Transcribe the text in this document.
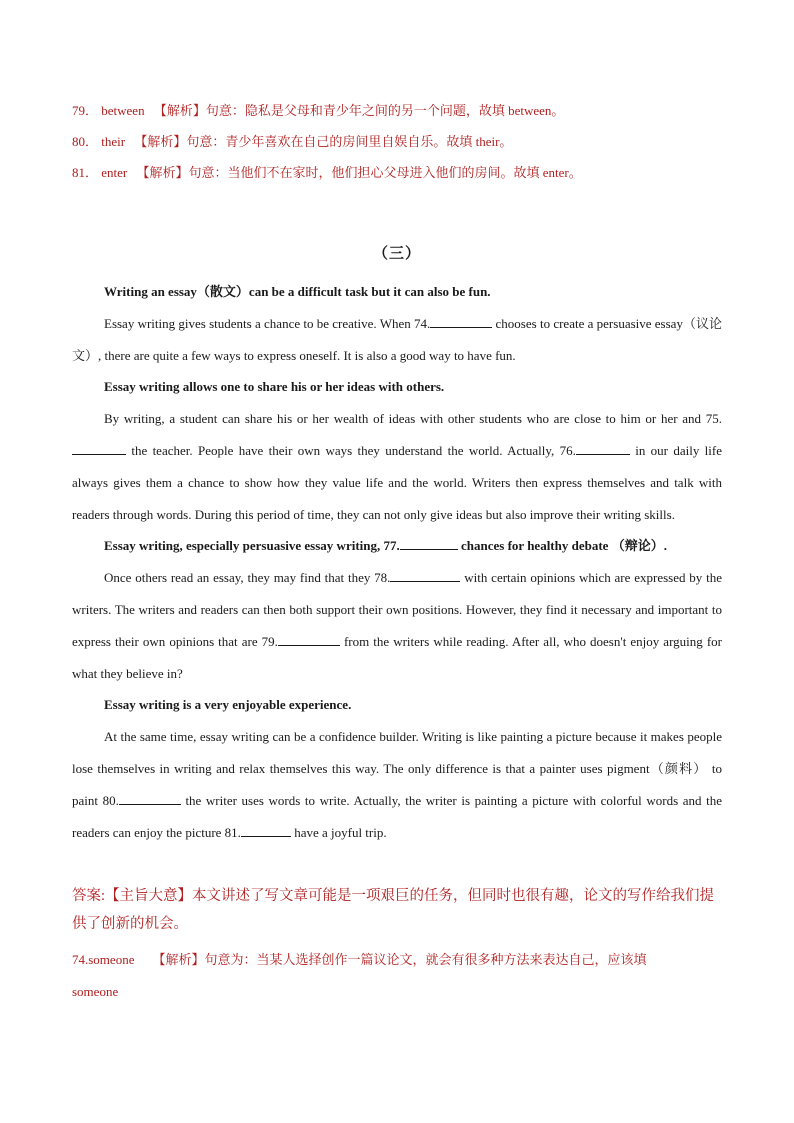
79． between 【解析】句意：隐私是父母和青少年之间的另一个问题，故填 between。
80． their 【解析】句意：青少年喜欢在自己的房间里自娱自乐。故填 their。
81． enter 【解析】句意：当他们不在家时，他们担心父母进入他们的房间。故填 enter。
（三）

Writing an essay（散文）can be a difficult task but it can also be fun.

Essay writing gives students a chance to be creative. When 74.	chooses to create a persuasive essay（议论文）, there are quite a few ways to express oneself. It is also a good way to have fun.

Essay writing allows one to share his or her ideas with others.

By writing, a student can share his or her wealth of ideas with other students who are close to him or her and 75. the teacher. People have their own ways they understand the world. Actually, 76.	in our daily life always gives them a chance to show how they value life and the world. Writers then express themselves and talk with readers through words. During this period of time, they can not only give ideas but also improve their writing skills.

Essay writing, especially persuasive essay writing, 77.	chances for healthy debate （辩论）.

Once others read an essay, they may find that they 78.	with certain opinions which are expressed by the writers. The writers and readers can then both support their own positions. However, they find it necessary and important to express their own opinions that are 79.	from the writers while reading. After all, who doesn't enjoy arguing for what they believe in?

Essay writing is a very enjoyable experience.

At the same time, essay writing can be a confidence builder. Writing is like painting a picture because it makes people lose themselves in writing and relax themselves this way. The only difference is that a painter uses pigment（颜料） to paint 80.	the writer uses words to write. Actually, the writer is painting a picture with colorful words and the readers can enjoy the picture 81.	have a joyful trip.

答案:【主旨大意】本文讲述了写文章可能是一项艰巨的任务，但同时也很有趣，论文的写作给我们提供了创新的机会。

74.someone 【解析】句意为：当某人选择创作一篇议论文，就会有很多种方法来表达自己，应该填
someone
